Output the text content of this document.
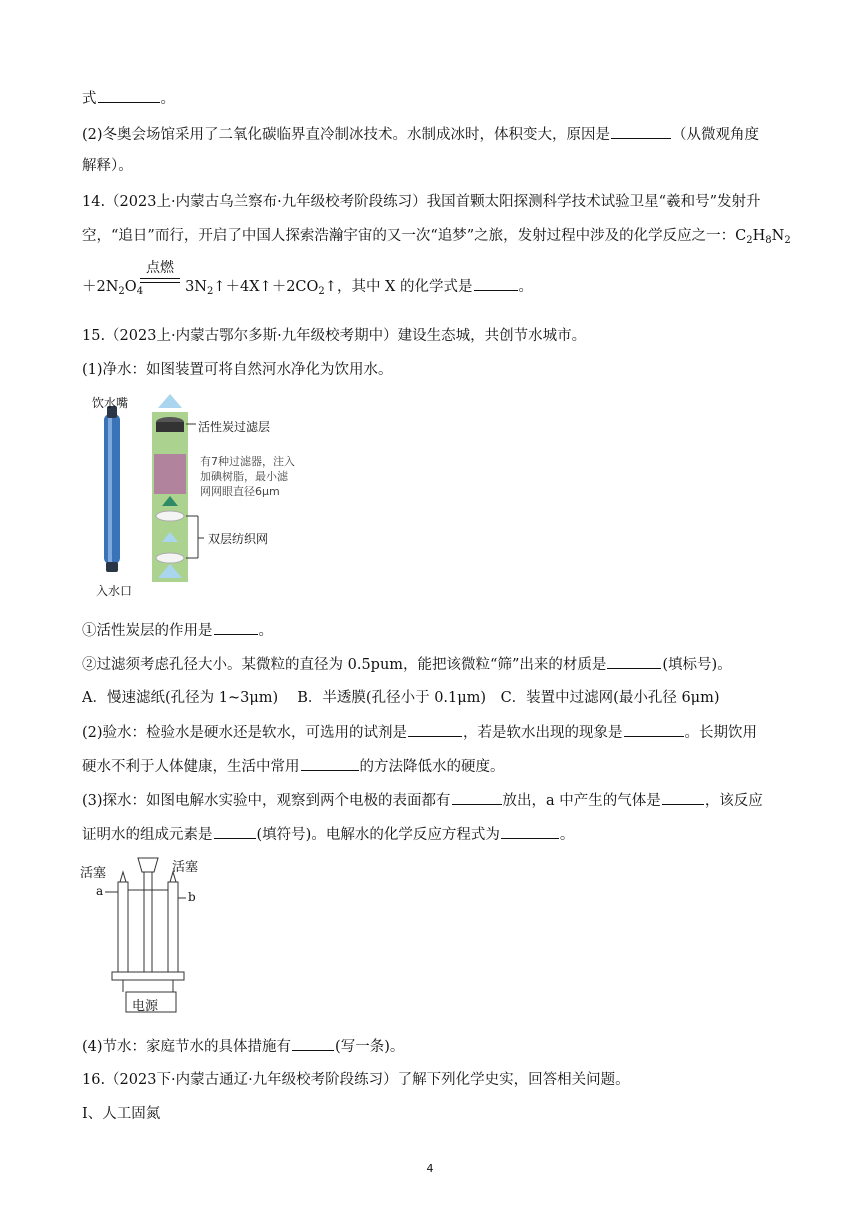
式	。
(2)冬奥会场馆采用了二氧化碳临界直冷制冰技术。水制成冰时，体积变大，原因是	（从微观角度
解释）。
14.（2023上·内蒙古乌兰察布·九年级校考阶段练习）我国首颗太阳探测科学技术试验卫星“羲和号”发射升
空，“追日”而行，开启了中国人探索浩瀚宇宙的又一次“追梦”之旅，发射过程中涉及的化学反应之一：$C_2H_8N_2$
点燃
$+2N_2O_4$	$3N_2↑+4X↑+2CO_2↑$，其中 X 的化学式是	。
15.（2023上·内蒙古鄂尔多斯·九年级校考期中）建设生态城，共创节水城市。
(1)净水：如图装置可将自然河水净化为饮用水。
饮水嘴
入水口
活性炭过滤层
有7种过滤器，注入
加碘树脂，最小滤
网网眼直径6μm
双层纺织网
①活性炭层的作用是	。
②过滤须考虑孔径大小。某微粒的直径为 0.5pum，能把该微粒“筛”出来的材质是	(填标号)。
A．慢速滤纸(孔径为 1~3μm)　 B．半透膜(孔径小于 0.1μm)　C．装置中过滤网(最小孔径 6μm)
(2)验水：检验水是硬水还是软水，可选用的试剂是	，若是软水出现的现象是	。长期饮用
硬水不利于人体健康，生活中常用	的方法降低水的硬度。
(3)探水：如图电解水实验中，观察到两个电极的表面都有	放出，a 中产生的气体是	，该反应
证明水的组成元素是	(填符号)。电解水的化学反应方程式为	。
活塞	活塞
a	b
电源
(4)节水：家庭节水的具体措施有	(写一条)。
16.（2023下·内蒙古通辽·九年级校考阶段练习）了解下列化学史实，回答相关问题。
I、人工固氮
4
